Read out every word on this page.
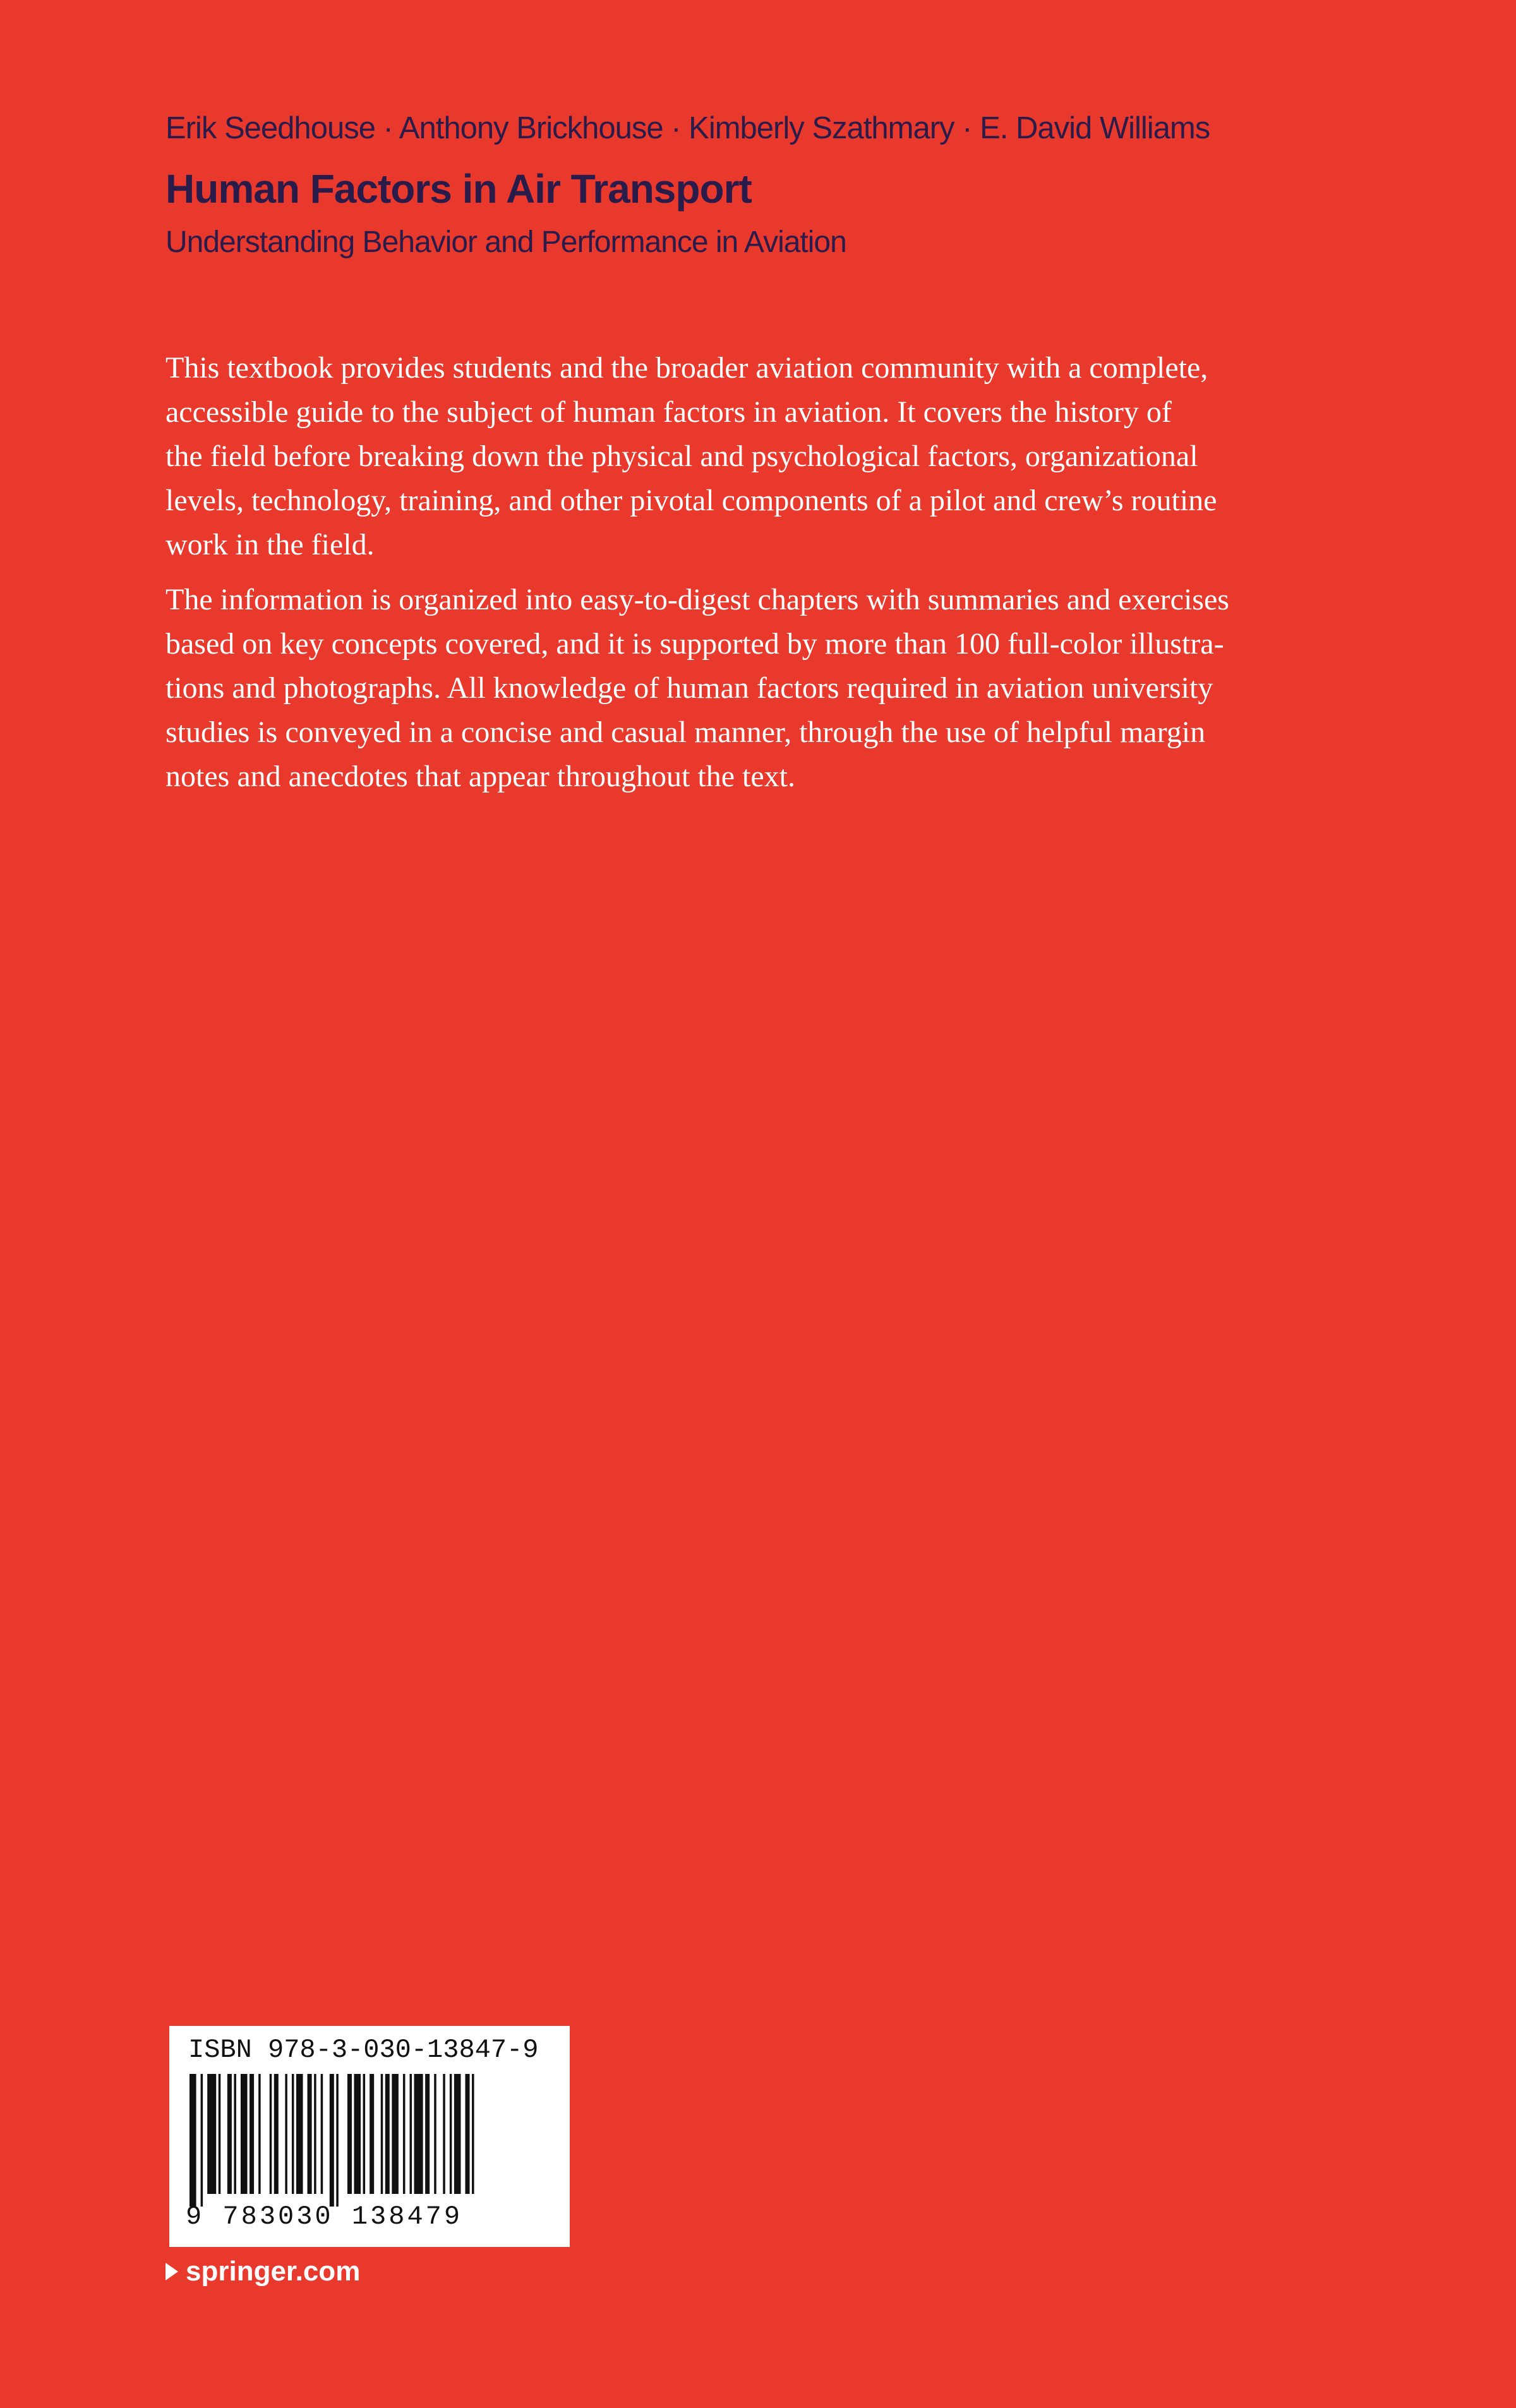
Erik Seedhouse · Anthony Brickhouse · Kimberly Szathmary · E. David Williams
Human Factors in Air Transport
Understanding Behavior and Performance in Aviation

This textbook provides students and the broader aviation community with a complete,
accessible guide to the subject of human factors in aviation. It covers the history of
the field before breaking down the physical and psychological factors, organizational
levels, technology, training, and other pivotal components of a pilot and crew’s routine
work in the field.

The information is organized into easy-to-digest chapters with summaries and exercises
based on key concepts covered, and it is supported by more than 100 full-color illustra-
tions and photographs. All knowledge of human factors required in aviation university
studies is conveyed in a concise and casual manner, through the use of helpful margin
notes and anecdotes that appear throughout the text.

ISBN 978-3-030-13847-9
9 783030 138479
springer.com
